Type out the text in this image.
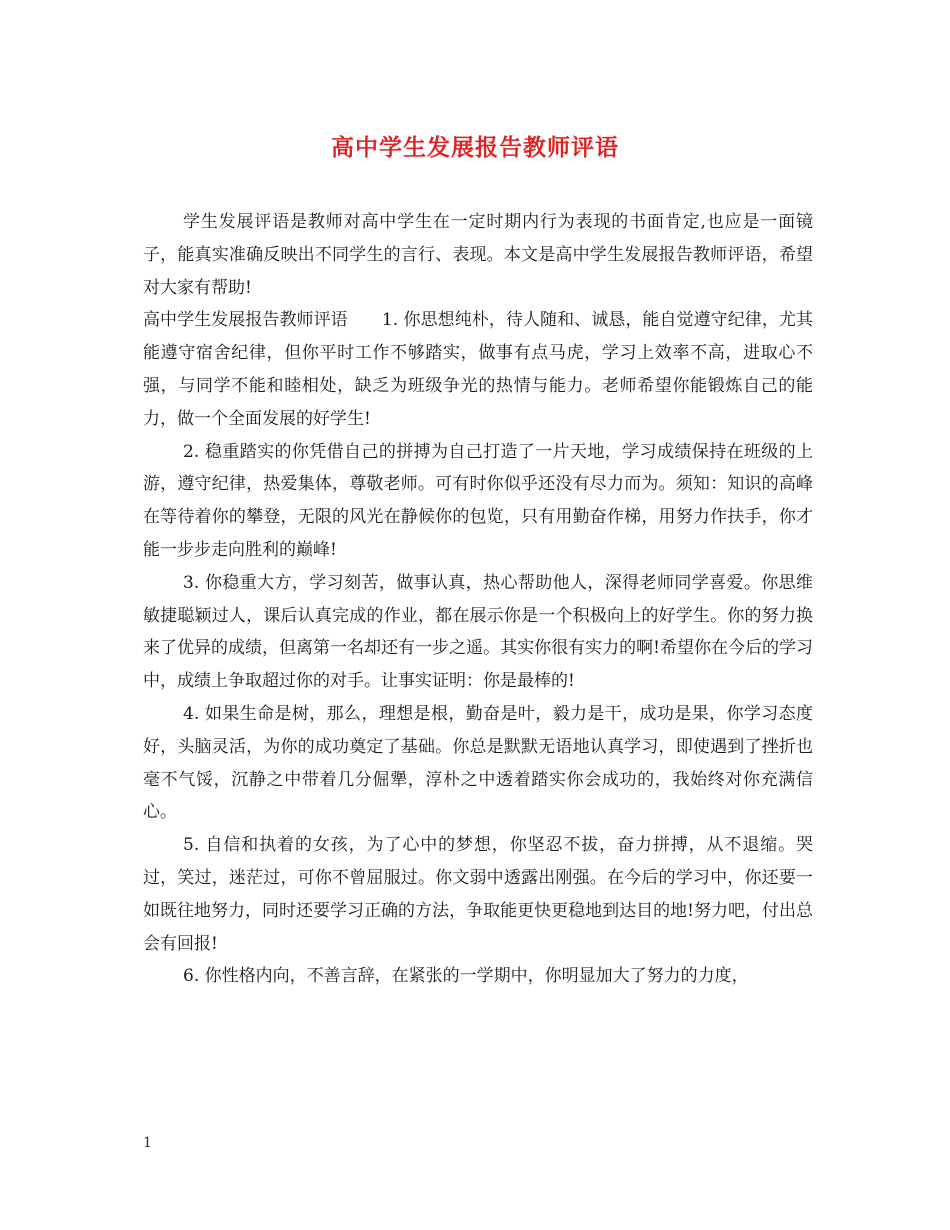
高中学生发展报告教师评语

学生发展评语是教师对高中学生在一定时期内行为表现的书面肯定,也应是一面镜子，能真实准确反映出不同学生的言行、表现。本文是高中学生发展报告教师评语，希望对大家有帮助!

高中学生发展报告教师评语　　1. 你思想纯朴，待人随和、诚恳，能自觉遵守纪律，尤其能遵守宿舍纪律，但你平时工作不够踏实，做事有点马虎，学习上效率不高，进取心不强，与同学不能和睦相处，缺乏为班级争光的热情与能力。老师希望你能锻炼自己的能力，做一个全面发展的好学生!

2. 稳重踏实的你凭借自己的拼搏为自己打造了一片天地，学习成绩保持在班级的上游，遵守纪律，热爱集体，尊敬老师。可有时你似乎还没有尽力而为。须知：知识的高峰在等待着你的攀登，无限的风光在静候你的包览，只有用勤奋作梯，用努力作扶手，你才能一步步走向胜利的巅峰!

3. 你稳重大方，学习刻苦，做事认真，热心帮助他人，深得老师同学喜爱。你思维敏捷聪颖过人，课后认真完成的作业，都在展示你是一个积极向上的好学生。你的努力换来了优异的成绩，但离第一名却还有一步之遥。其实你很有实力的啊!希望你在今后的学习中，成绩上争取超过你的对手。让事实证明：你是最棒的!

4. 如果生命是树，那么，理想是根，勤奋是叶，毅力是干，成功是果，你学习态度好，头脑灵活，为你的成功奠定了基础。你总是默默无语地认真学习，即使遇到了挫折也毫不气馁，沉静之中带着几分倔犟，淳朴之中透着踏实你会成功的，我始终对你充满信心。

5. 自信和执着的女孩，为了心中的梦想，你坚忍不拔，奋力拼搏，从不退缩。哭过，笑过，迷茫过，可你不曾屈服过。你文弱中透露出刚强。在今后的学习中，你还要一如既往地努力，同时还要学习正确的方法，争取能更快更稳地到达目的地!努力吧，付出总会有回报!

6. 你性格内向，不善言辞，在紧张的一学期中，你明显加大了努力的力度，

1
